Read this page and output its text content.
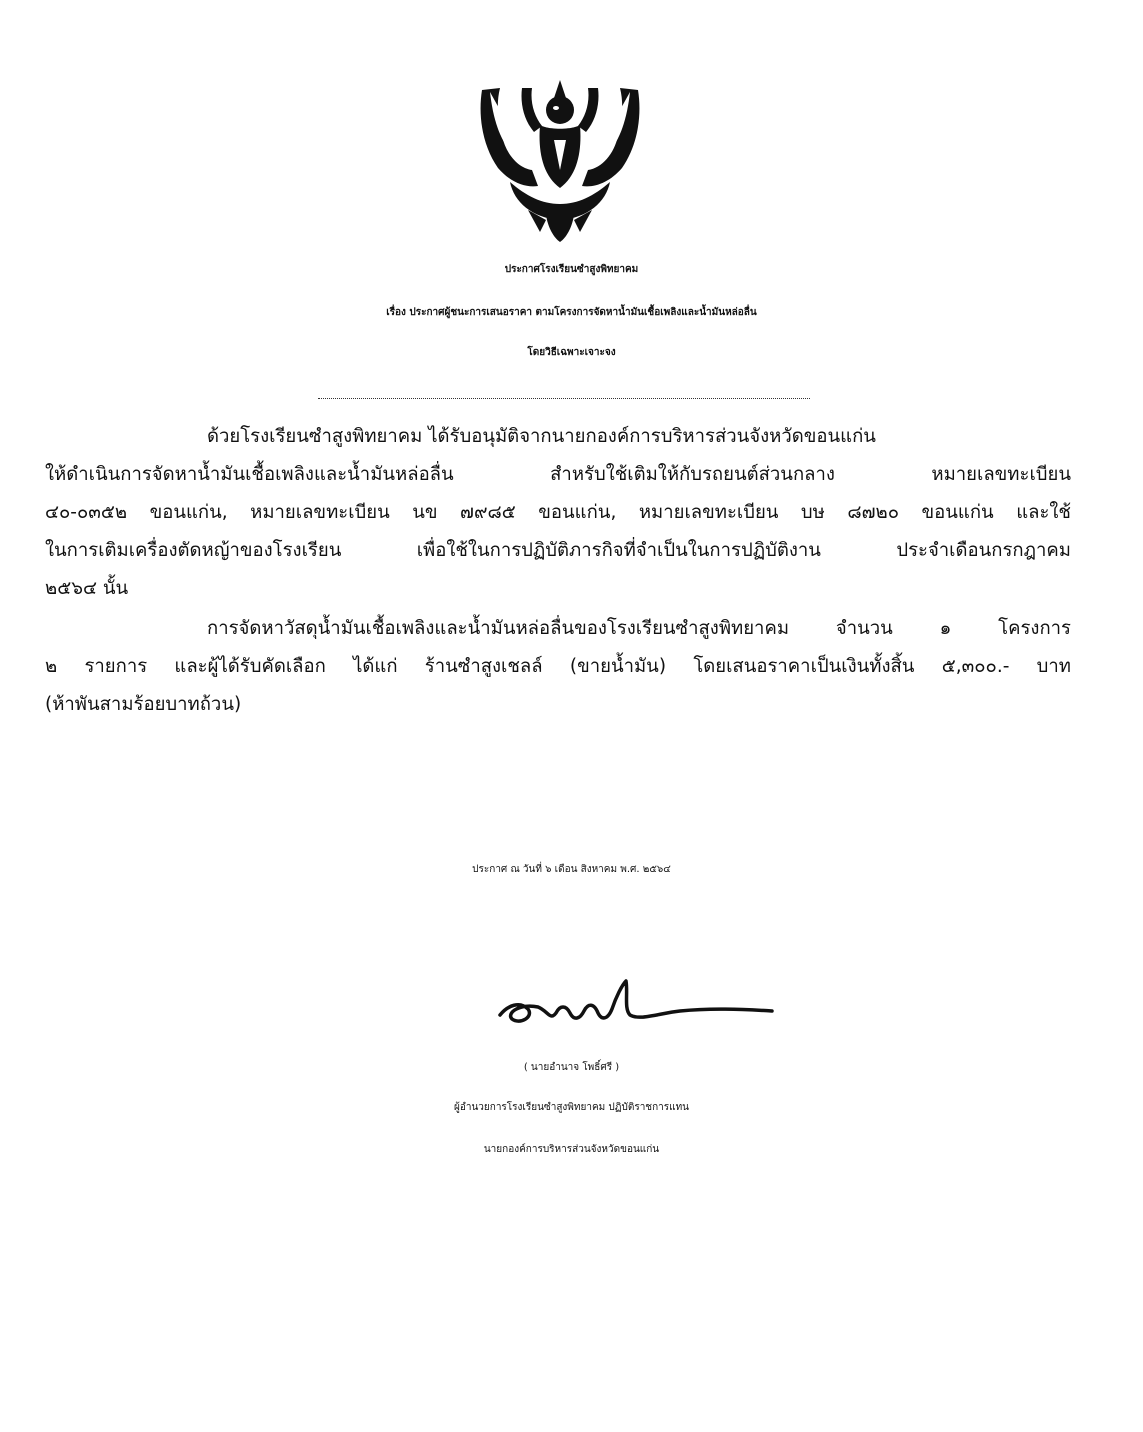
ประกาศโรงเรียนซำสูงพิทยาคม
เรื่อง ประกาศผู้ชนะการเสนอราคา ตามโครงการจัดหาน้ำมันเชื้อเพลิงและน้ำมันหล่อลื่น
โดยวิธีเฉพาะเจาะจง
ด้วยโรงเรียนซำสูงพิทยาคม ได้รับอนุมัติจากนายกองค์การบริหารส่วนจังหวัดขอนแก่น
ให้ดำเนินการจัดหาน้ำมันเชื้อเพลิงและน้ำมันหล่อลื่น สำหรับใช้เติมให้กับรถยนต์ส่วนกลาง หมายเลขทะเบียน
๔๐-๐๓๕๒ ขอนแก่น, หมายเลขทะเบียน นข ๗๙๘๕ ขอนแก่น, หมายเลขทะเบียน บษ ๘๗๒๐ ขอนแก่น และใช้
ในการเติมเครื่องตัดหญ้าของโรงเรียน เพื่อใช้ในการปฏิบัติภารกิจที่จำเป็นในการปฏิบัติงาน ประจำเดือนกรกฎาคม
๒๕๖๔ นั้น
การจัดหาวัสดุน้ำมันเชื้อเพลิงและน้ำมันหล่อลื่นของโรงเรียนซำสูงพิทยาคม จำนวน ๑ โครงการ
๒ รายการ และผู้ได้รับคัดเลือก ได้แก่ ร้านซำสูงเชลล์ (ขายน้ำมัน) โดยเสนอราคาเป็นเงินทั้งสิ้น ๕,๓๐๐.- บาท
(ห้าพันสามร้อยบาทถ้วน)
ประกาศ ณ วันที่ ๖ เดือน สิงหาคม พ.ศ. ๒๕๖๔
( นายอำนาจ โพธิ์ศรี )
ผู้อำนวยการโรงเรียนซำสูงพิทยาคม ปฏิบัติราชการแทน
นายกองค์การบริหารส่วนจังหวัดขอนแก่น
